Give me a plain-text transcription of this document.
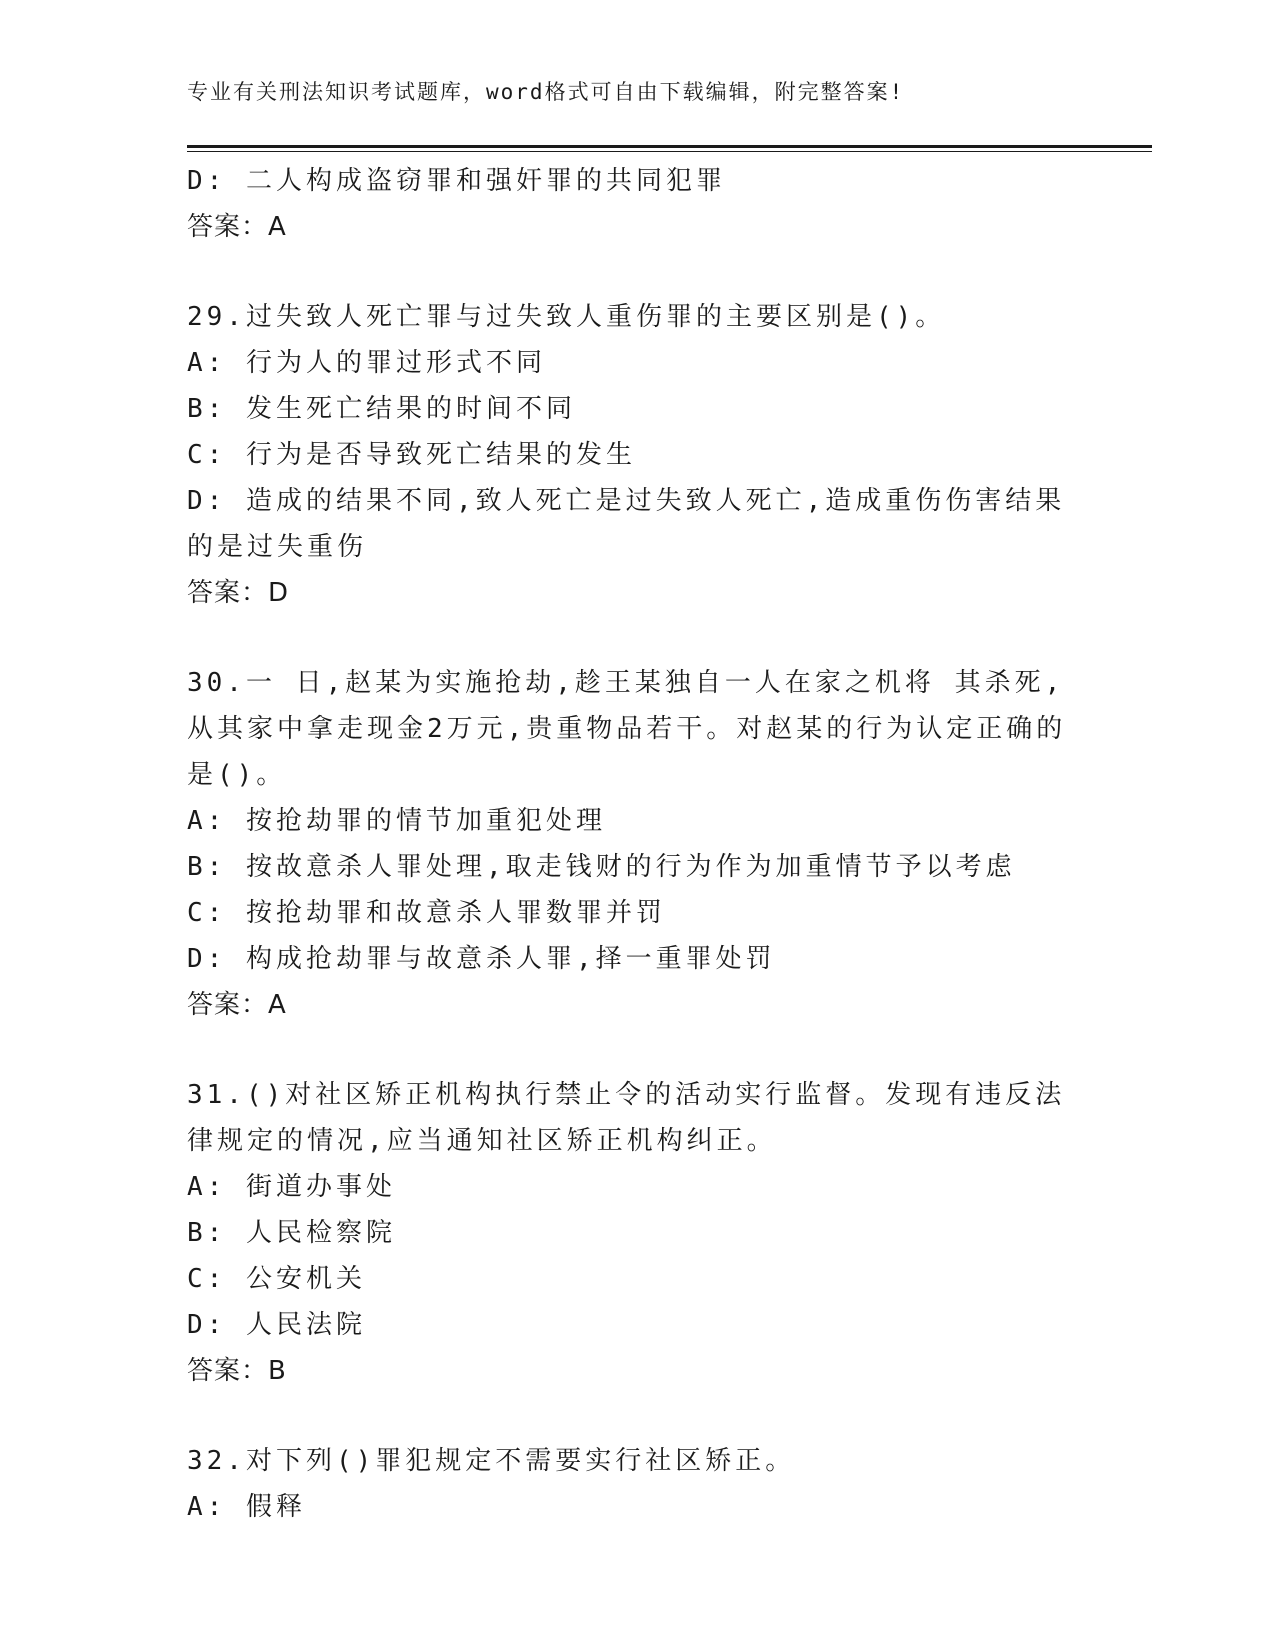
专业有关刑法知识考试题库，word格式可自由下载编辑，附完整答案!
D: 二人构成盗窃罪和强奸罪的共同犯罪
答案：A
29.过失致人死亡罪与过失致人重伤罪的主要区别是()。
A: 行为人的罪过形式不同
B: 发生死亡结果的时间不同
C: 行为是否导致死亡结果的发生
D: 造成的结果不同,致人死亡是过失致人死亡,造成重伤伤害结果的是过失重伤
答案：D
30.一 日,赵某为实施抢劫,趁王某独自一人在家之机将 其杀死,从其家中拿走现金2万元,贵重物品若干。对赵某的行为认定正确的是()。
A: 按抢劫罪的情节加重犯处理
B: 按故意杀人罪处理,取走钱财的行为作为加重情节予以考虑
C: 按抢劫罪和故意杀人罪数罪并罚
D: 构成抢劫罪与故意杀人罪,择一重罪处罚
答案：A
31.()对社区矫正机构执行禁止令的活动实行监督。发现有违反法律规定的情况,应当通知社区矫正机构纠正。
A: 街道办事处
B: 人民检察院
C: 公安机关
D: 人民法院
答案：B
32.对下列()罪犯规定不需要实行社区矫正。
A: 假释
